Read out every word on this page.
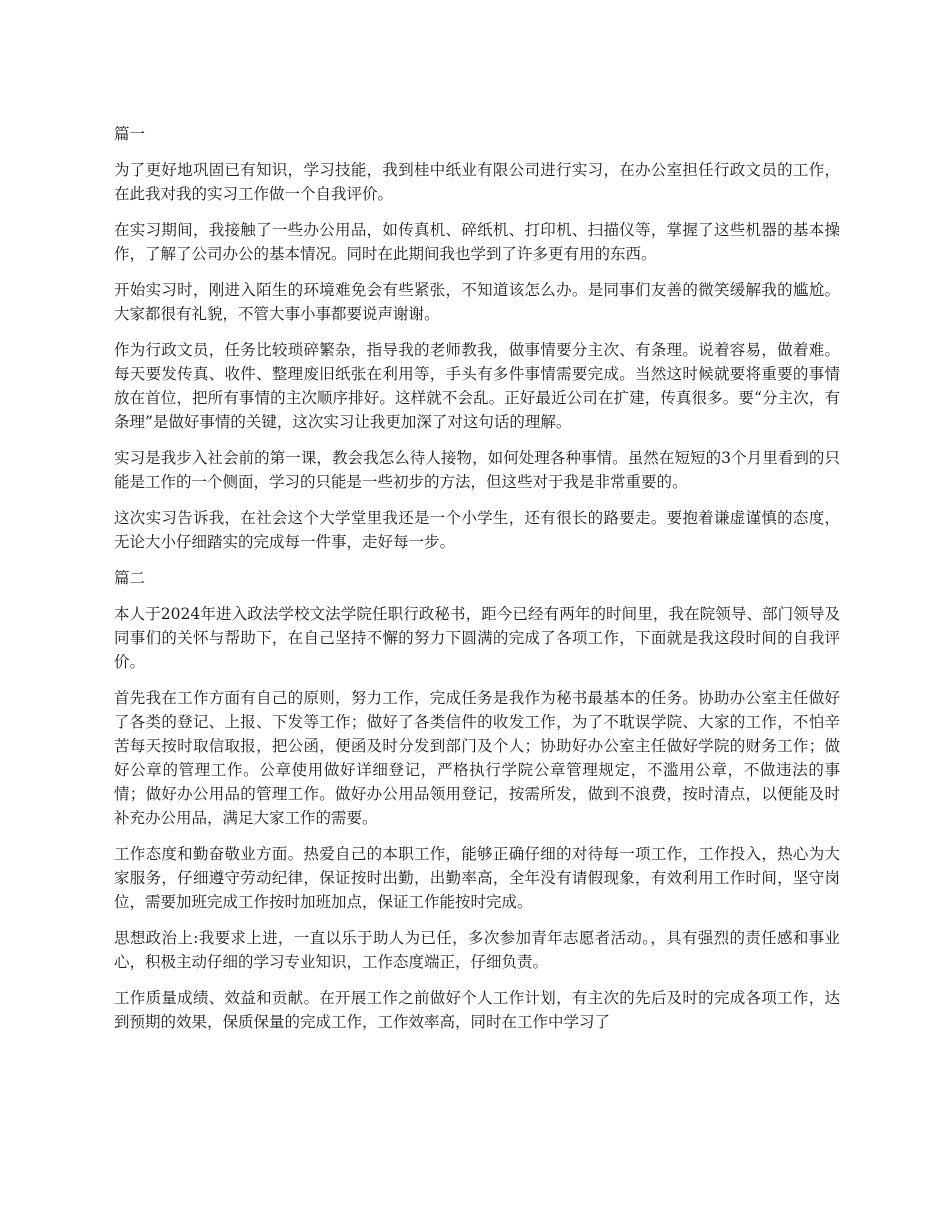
篇一

为了更好地巩固已有知识，学习技能，我到桂中纸业有限公司进行实习，在办公室担任行政文员的工作，在此我对我的实习工作做一个自我评价。

在实习期间，我接触了一些办公用品，如传真机、碎纸机、打印机、扫描仪等，掌握了这些机器的基本操作，了解了公司办公的基本情况。同时在此期间我也学到了许多更有用的东西。

开始实习时，刚进入陌生的环境难免会有些紧张，不知道该怎么办。是同事们友善的微笑缓解我的尴尬。大家都很有礼貌，不管大事小事都要说声谢谢。

作为行政文员，任务比较琐碎繁杂，指导我的老师教我，做事情要分主次、有条理。说着容易，做着难。每天要发传真、收件、整理废旧纸张在利用等，手头有多件事情需要完成。当然这时候就要将重要的事情放在首位，把所有事情的主次顺序排好。这样就不会乱。正好最近公司在扩建，传真很多。要“分主次，有条理”是做好事情的关键，这次实习让我更加深了对这句话的理解。

实习是我步入社会前的第一课，教会我怎么待人接物，如何处理各种事情。虽然在短短的3个月里看到的只能是工作的一个侧面，学习的只能是一些初步的方法，但这些对于我是非常重要的。

这次实习告诉我，在社会这个大学堂里我还是一个小学生，还有很长的路要走。要抱着谦虚谨慎的态度，无论大小仔细踏实的完成每一件事，走好每一步。

篇二

本人于2024年进入政法学校文法学院任职行政秘书，距今已经有两年的时间里，我在院领导、部门领导及同事们的关怀与帮助下，在自己坚持不懈的努力下圆满的完成了各项工作，下面就是我这段时间的自我评价。

首先我在工作方面有自己的原则，努力工作，完成任务是我作为秘书最基本的任务。协助办公室主任做好了各类的登记、上报、下发等工作；做好了各类信件的收发工作，为了不耽误学院、大家的工作，不怕辛苦每天按时取信取报，把公函，便函及时分发到部门及个人；协助好办公室主任做好学院的财务工作；做好公章的管理工作。公章使用做好详细登记，严格执行学院公章管理规定，不滥用公章，不做违法的事情；做好办公用品的管理工作。做好办公用品领用登记，按需所发，做到不浪费，按时清点，以便能及时补充办公用品，满足大家工作的需要。

工作态度和勤奋敬业方面。热爱自己的本职工作，能够正确仔细的对待每一项工作，工作投入，热心为大家服务，仔细遵守劳动纪律，保证按时出勤，出勤率高，全年没有请假现象，有效利用工作时间，坚守岗位，需要加班完成工作按时加班加点，保证工作能按时完成。

思想政治上:我要求上进，一直以乐于助人为已任，多次参加青年志愿者活动。，具有强烈的责任感和事业心，积极主动仔细的学习专业知识，工作态度端正，仔细负责。

工作质量成绩、效益和贡献。在开展工作之前做好个人工作计划，有主次的先后及时的完成各项工作，达到预期的效果，保质保量的完成工作，工作效率高，同时在工作中学习了
